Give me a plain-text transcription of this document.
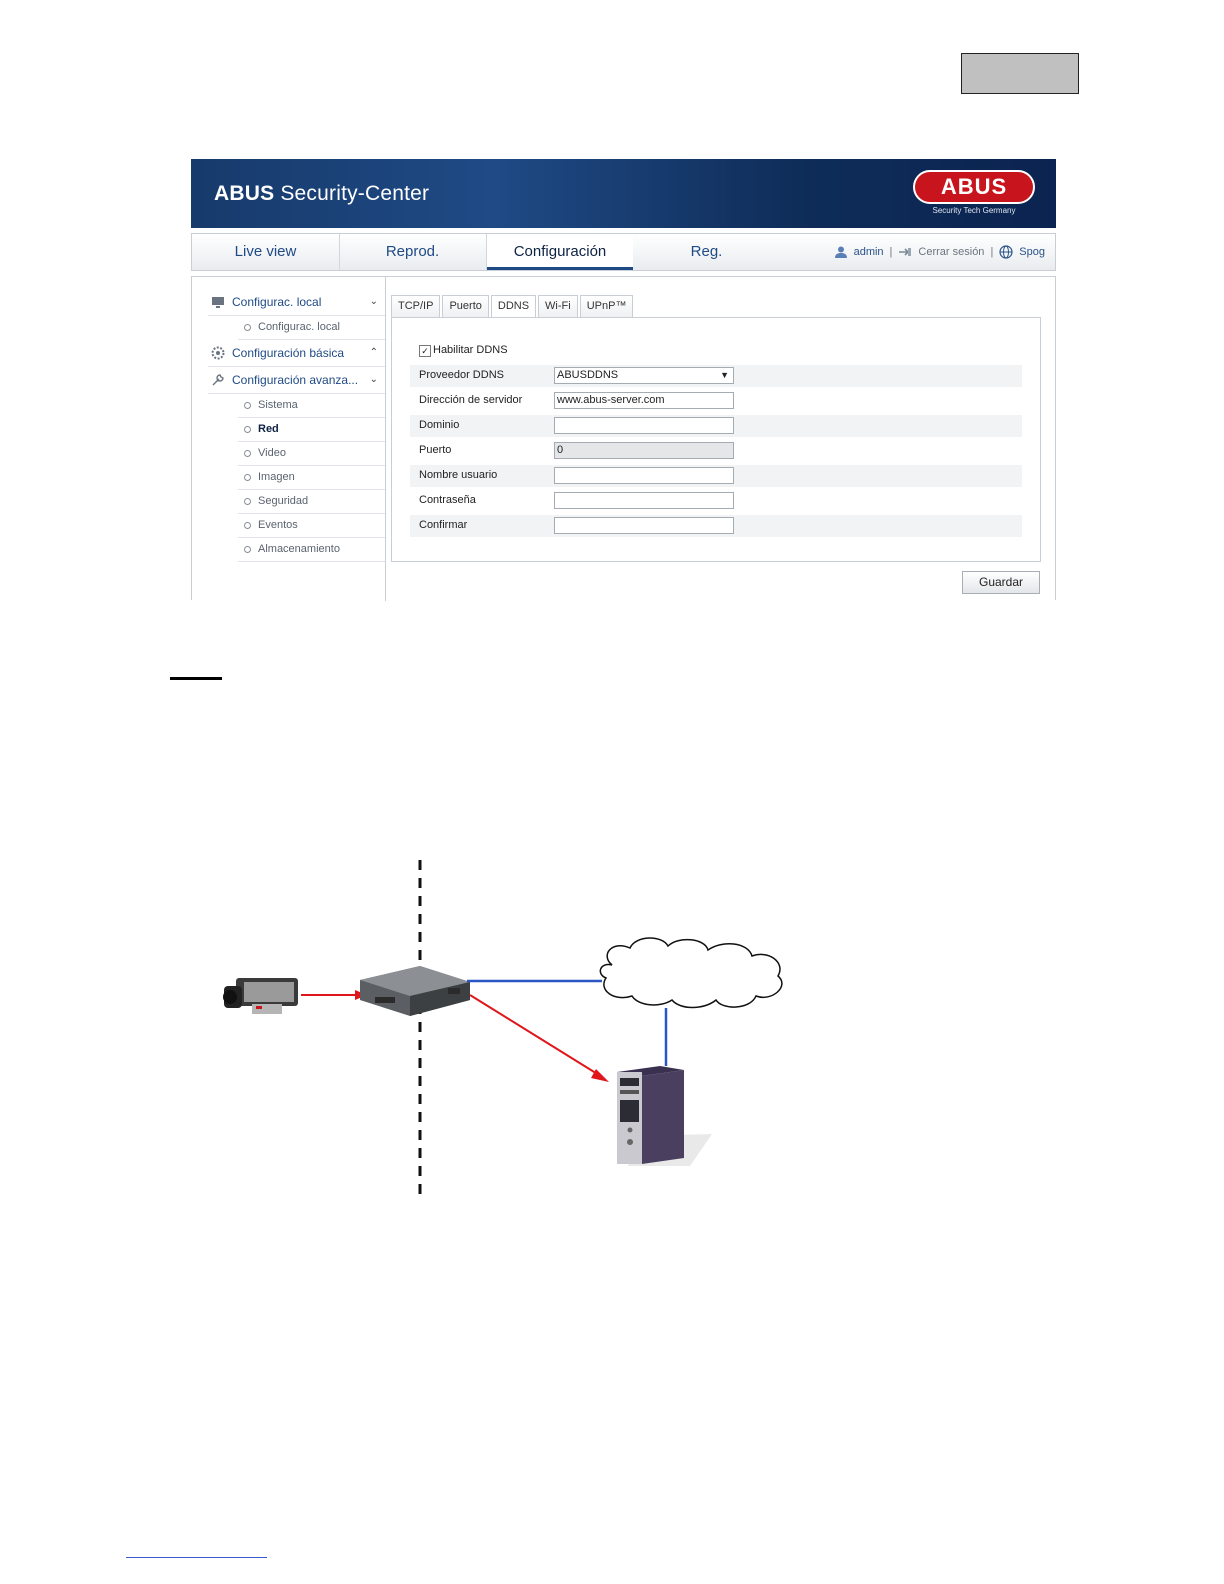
ABUS Security-Center	ABUS
Security Tech Germany
Live view	Reprod.	Configuración	Reg.	admin | Cerrar sesión | Spog
Configurac. local	⌄
Configurac. local
Configuración básica	⌃
Configuración avanza... ⌄
Sistema
Red
Video
Imagen
Seguridad
Eventos
Almacenamiento
TCP/IP	Puerto	DDNS	Wi-Fi	UPnP™
✓ Habilitar DDNS
Proveedor DDNS	ABUSDDNS	▼
Dirección de servidor	www.abus-server.com
Dominio
Puerto	0
Nombre usuario
Contraseña
Confirmar
Guardar
